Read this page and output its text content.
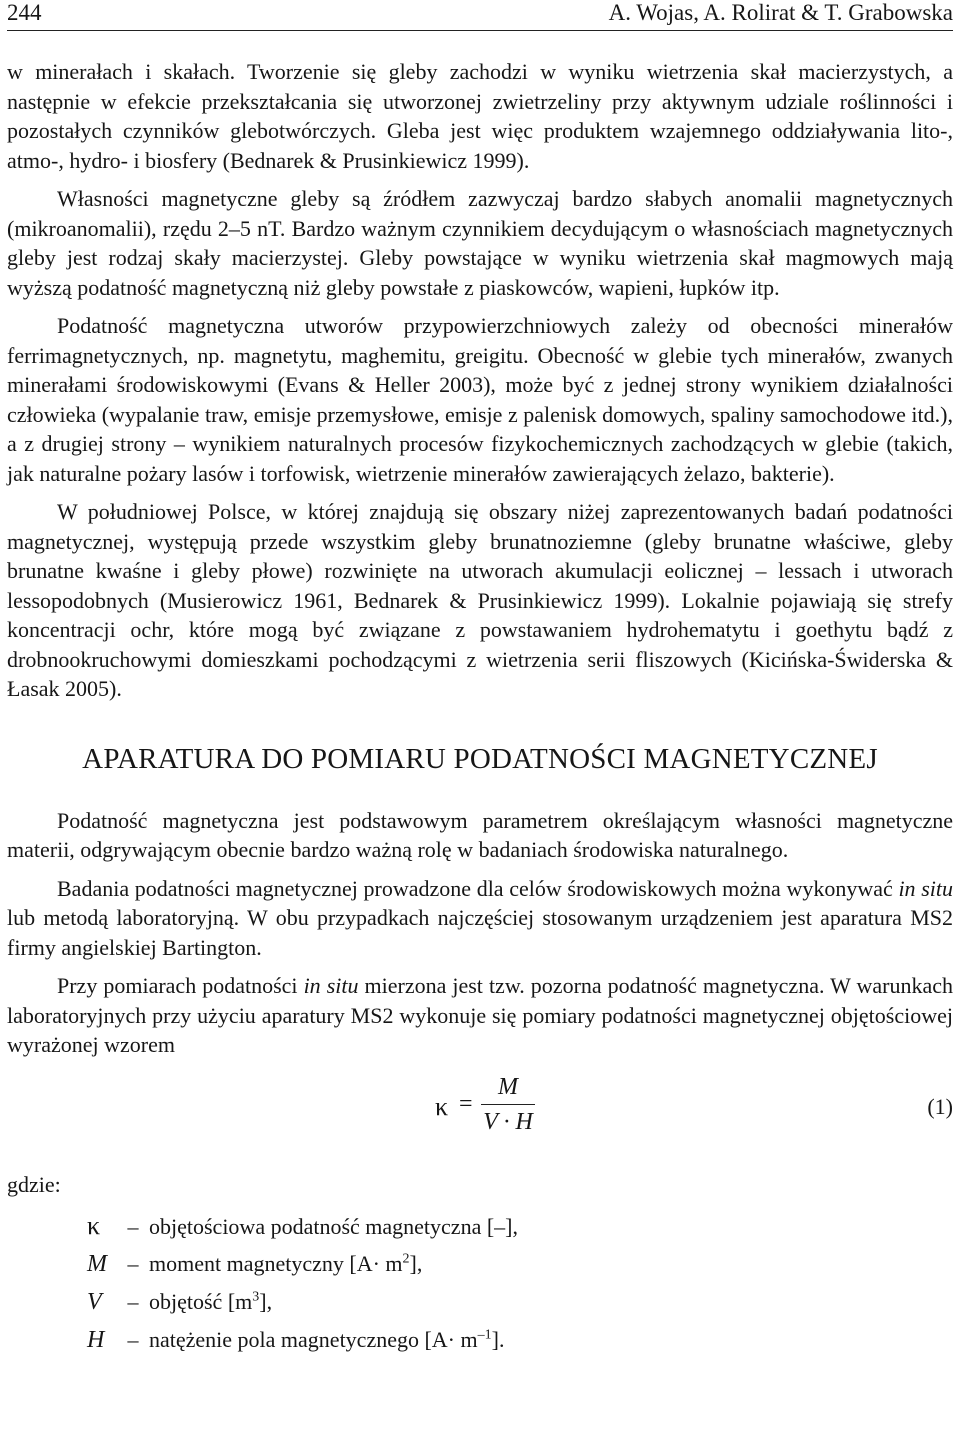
244	A. Wojas, A. Rolirat & T. Grabowska

w minerałach i skałach. Tworzenie się gleby zachodzi w wyniku wietrzenia skał macierzystych, a następnie w efekcie przekształcania się utworzonej zwietrzeliny przy aktywnym udziale roślinności i pozostałych czynników glebotwórczych. Gleba jest więc produktem wzajemnego oddziaływania lito-, atmo-, hydro- i biosfery (Bednarek & Prusinkiewicz 1999).

Własności magnetyczne gleby są źródłem zazwyczaj bardzo słabych anomalii magnetycznych (mikroanomalii), rzędu 2–5 nT. Bardzo ważnym czynnikiem decydującym o własnościach magnetycznych gleby jest rodzaj skały macierzystej. Gleby powstające w wyniku wietrzenia skał magmowych mają wyższą podatność magnetyczną niż gleby powstałe z piaskowców, wapieni, łupków itp.

Podatność magnetyczna utworów przypowierzchniowych zależy od obecności minerałów ferrimagnetycznych, np. magnetytu, maghemitu, greigitu. Obecność w glebie tych minerałów, zwanych minerałami środowiskowymi (Evans & Heller 2003), może być z jednej strony wynikiem działalności człowieka (wypalanie traw, emisje przemysłowe, emisje z palenisk domowych, spaliny samochodowe itd.), a z drugiej strony – wynikiem naturalnych procesów fizykochemicznych zachodzących w glebie (takich, jak naturalne pożary lasów i torfowisk, wietrzenie minerałów zawierających żelazo, bakterie).

W południowej Polsce, w której znajdują się obszary niżej zaprezentowanych badań podatności magnetycznej, występują przede wszystkim gleby brunatnoziemne (gleby brunatne właściwe, gleby brunatne kwaśne i gleby płowe) rozwinięte na utworach akumulacji eolicznej – lessach i utworach lessopodobnych (Musierowicz 1961, Bednarek & Prusinkiewicz 1999). Lokalnie pojawiają się strefy koncentracji ochr, które mogą być związane z powstawaniem hydrohematytu i goethytu bądź z drobnookruchowymi domieszkami pochodzącymi z wietrzenia serii fliszowych (Kicińska-Świderska & Łasak 2005).

APARATURA DO POMIARU PODATNOŚCI MAGNETYCZNEJ

Podatność magnetyczna jest podstawowym parametrem określającym własności magnetyczne materii, odgrywającym obecnie bardzo ważną rolę w badaniach środowiska naturalnego.

Badania podatności magnetycznej prowadzone dla celów środowiskowych można wykonywać in situ lub metodą laboratoryjną. W obu przypadkach najczęściej stosowanym urządzeniem jest aparatura MS2 firmy angielskiej Bartington.

Przy pomiarach podatności in situ mierzona jest tzw. pozorna podatność magnetyczna. W warunkach laboratoryjnych przy użyciu aparatury MS2 wykonuje się pomiary podatności magnetycznej objętościowej wyrażonej wzorem

κ =
M
V · H
(1)
gdzie:
κ	– objętościowa podatność magnetyczna [–],
M – moment magnetyczny $[A\cdot m^2]$,
V	– objętość $[m^3]$,
H	– natężenie pola magnetycznego $[A\cdot m^{-1}]$.
